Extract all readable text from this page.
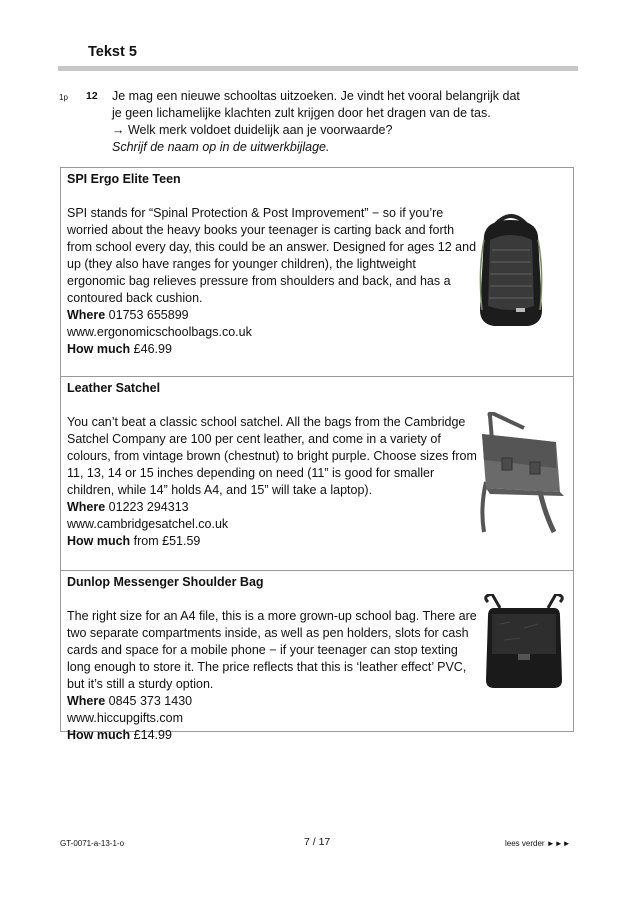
Tekst 5
1p 12 Je mag een nieuwe schooltas uitzoeken. Je vindt het vooral belangrijk dat
je geen lichamelijke klachten zult krijgen door het dragen van de tas.
→ Welk merk voldoet duidelijk aan je voorwaarde?
Schrijf de naam op in de uitwerkbijlage.
SPI Ergo Elite Teen
SPI stands for “Spinal Protection & Post Improvement” − so if you’re worried about the heavy books your teenager is carting back and forth from school every day, this could be an answer. Designed for ages 12 and up (they also have ranges for younger children), the lightweight ergonomic bag relieves pressure from shoulders and back, and has a contoured back cushion.
Where 01753 655899
www.ergonomicschoolbags.co.uk
How much £46.99
Leather Satchel
You can’t beat a classic school satchel. All the bags from the Cambridge Satchel Company are 100 per cent leather, and come in a variety of colours, from vintage brown (chestnut) to bright purple. Choose sizes from 11, 13, 14 or 15 inches depending on need (11” is good for smaller children, while 14” holds A4, and 15” will take a laptop).
Where 01223 294313
www.cambridgesatchel.co.uk
How much from £51.59
Dunlop Messenger Shoulder Bag
The right size for an A4 file, this is a more grown-up school bag. There are two separate compartments inside, as well as pen holders, slots for cash cards and space for a mobile phone − if your teenager can stop texting long enough to store it. The price reflects that this is ‘leather effect’ PVC, but it’s still a sturdy option.
Where 0845 373 1430
www.hiccupgifts.com
How much £14.99
GT-0071-a-13-1-o	7 / 17	lees verder ►►►
